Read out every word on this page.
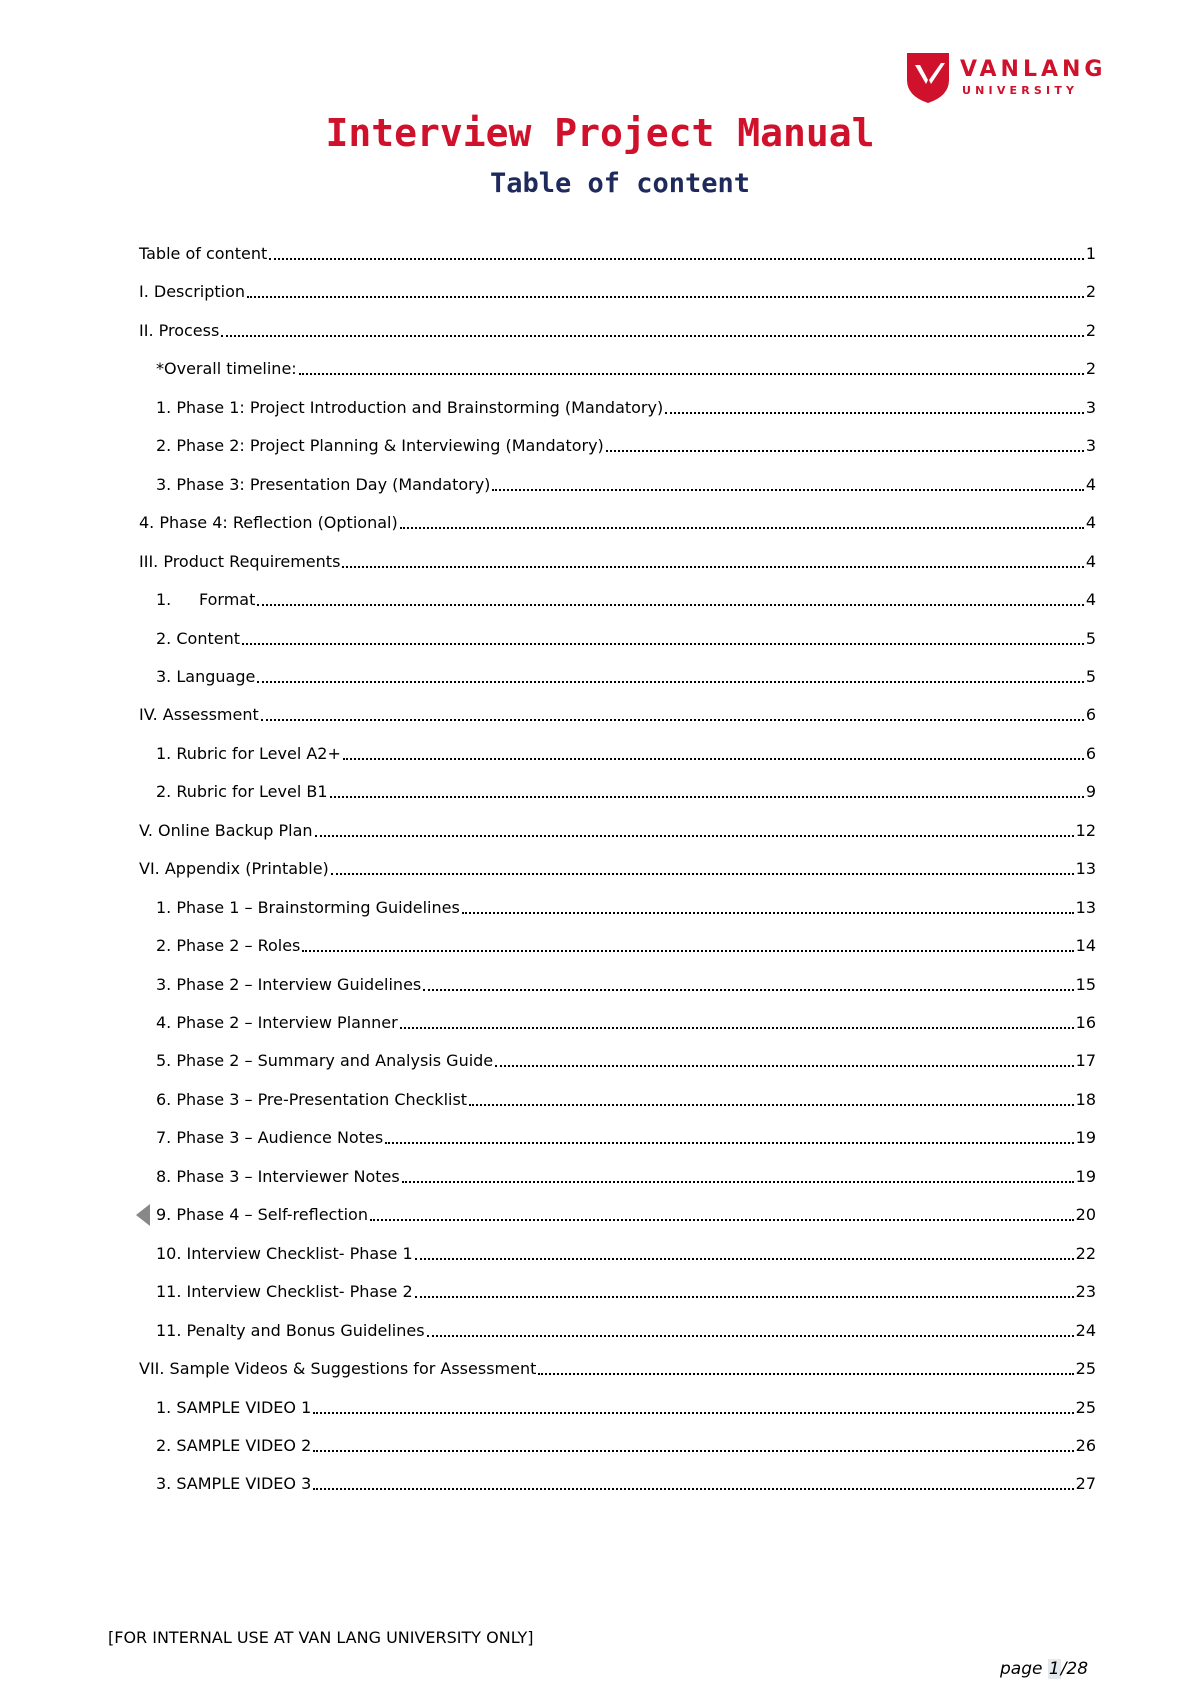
VANLANG
UNIVERSITY
Interview Project Manual
Table of content
Table of content	1
I. Description	2
II. Process	2
*Overall timeline:	2
1. Phase 1: Project Introduction and Brainstorming (Mandatory)	3
2. Phase 2: Project Planning & Interviewing (Mandatory)	3
3. Phase 3: Presentation Day (Mandatory)	4
4. Phase 4: Reflection (Optional)	4
III. Product Requirements	4
1. Format	4
2. Content	5
3. Language	5
IV. Assessment	6
1. Rubric for Level A2+	6
2. Rubric for Level B1	9
V. Online Backup Plan	12
VI. Appendix (Printable)	13
1. Phase 1 – Brainstorming Guidelines	13
2. Phase 2 – Roles	14
3. Phase 2 – Interview Guidelines	15
4. Phase 2 – Interview Planner	16
5. Phase 2 – Summary and Analysis Guide	17
6. Phase 3 – Pre-Presentation Checklist	18
7. Phase 3 – Audience Notes	19
8. Phase 3 – Interviewer Notes	19
9. Phase 4 – Self-reflection	20
10. Interview Checklist- Phase 1	22
11. Interview Checklist- Phase 2	23
11. Penalty and Bonus Guidelines	24
VII. Sample Videos & Suggestions for Assessment	25
1. SAMPLE VIDEO 1	25
2. SAMPLE VIDEO 2	26
3. SAMPLE VIDEO 3	27
[FOR INTERNAL USE AT VAN LANG UNIVERSITY ONLY]
page 1/28
